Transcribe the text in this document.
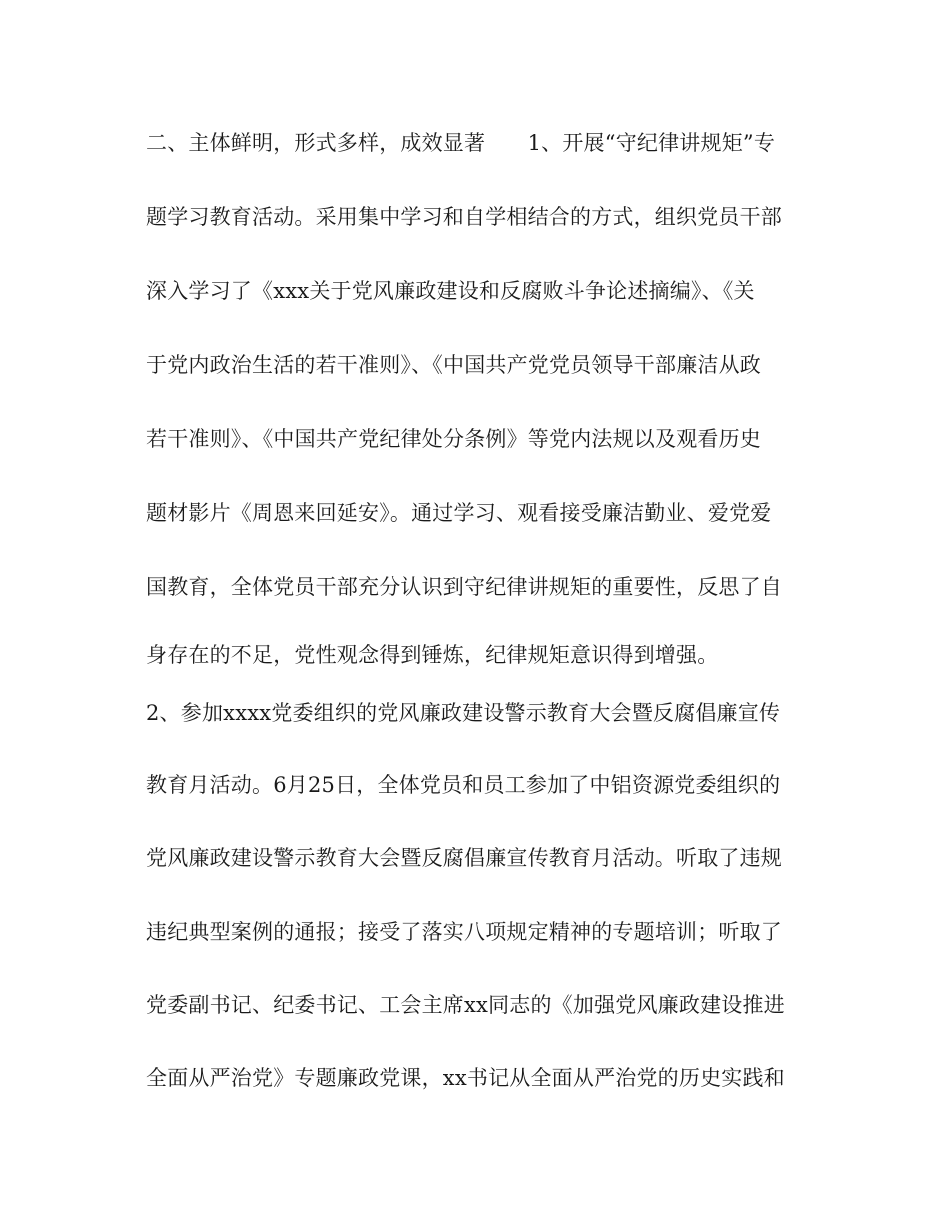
二、主体鲜明，形式多样，成效显著　　1、开展“守纪律讲规矩”专
题学习教育活动。采用集中学习和自学相结合的方式，组织党员干部
深入学习了《xxx关于党风廉政建设和反腐败斗争论述摘编》、《关
于党内政治生活的若干准则》、《中国共产党党员领导干部廉洁从政
若干准则》、《中国共产党纪律处分条例》等党内法规以及观看历史
题材影片《周恩来回延安》。通过学习、观看接受廉洁勤业、爱党爱
国教育，全体党员干部充分认识到守纪律讲规矩的重要性，反思了自
身存在的不足，党性观念得到锤炼，纪律规矩意识得到增强。
2、参加xxxx党委组织的党风廉政建设警示教育大会暨反腐倡廉宣传
教育月活动。6月25日，全体党员和员工参加了中铝资源党委组织的
党风廉政建设警示教育大会暨反腐倡廉宣传教育月活动。听取了违规
违纪典型案例的通报；接受了落实八项规定精神的专题培训；听取了
党委副书记、纪委书记、工会主席xx同志的《加强党风廉政建设推进
全面从严治党》专题廉政党课，xx书记从全面从严治党的历史实践和
